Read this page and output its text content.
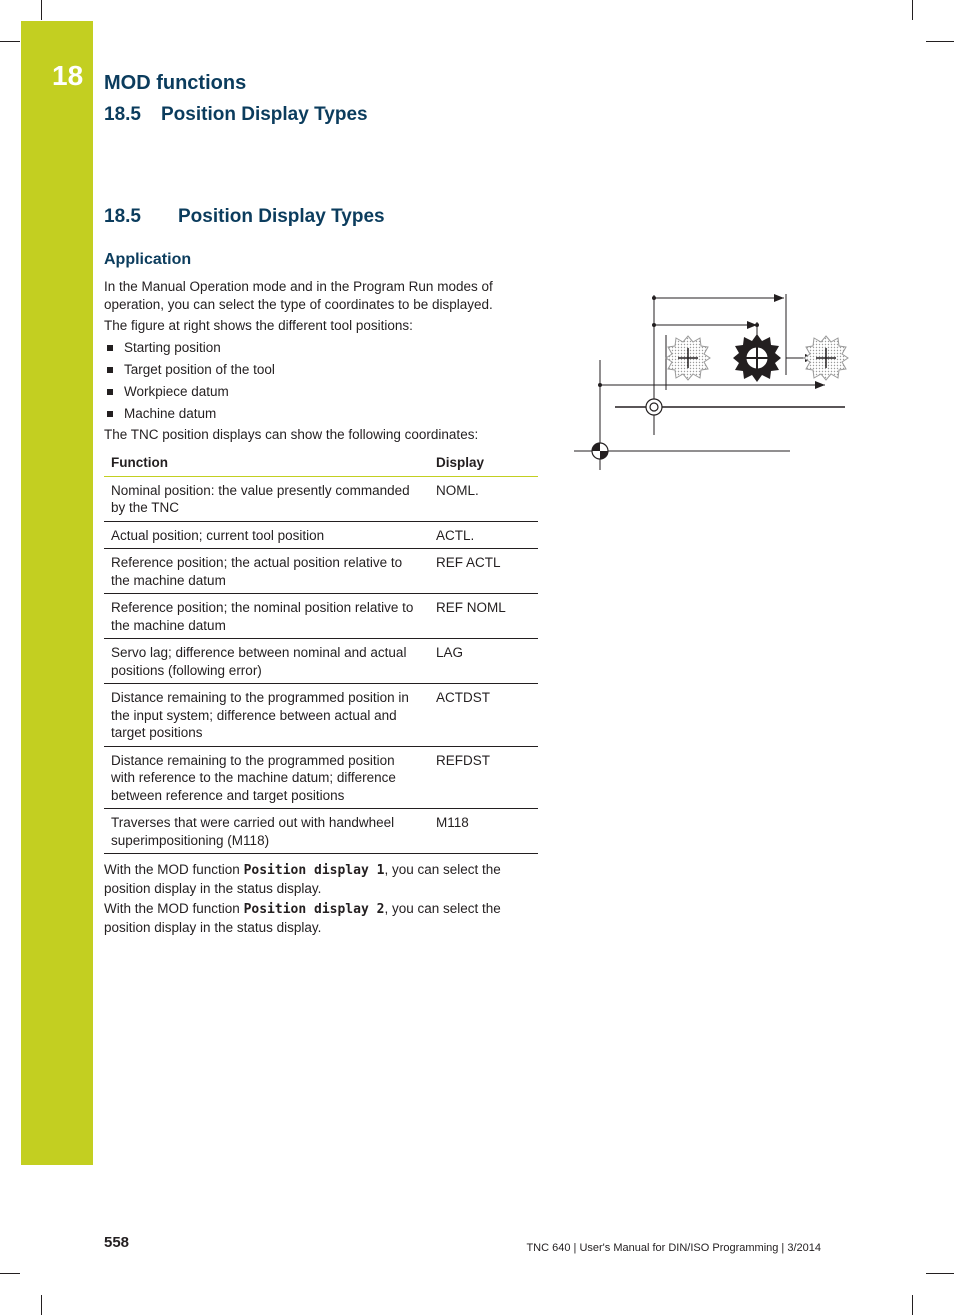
18 MOD functions
18.5 Position Display Types
18.5 Position Display Types
Application

In the Manual Operation mode and in the Program Run modes of operation, you can select the type of coordinates to be displayed.

The figure at right shows the different tool positions:

Starting position
Target position of the tool
Workpiece datum
Machine datum

The TNC position displays can show the following coordinates:

Function	Display
Nominal position: the value presently commanded by the TNC	NOML.
Actual position; current tool position	ACTL.
Reference position; the actual position relative to the machine datum	REF ACTL
Reference position; the nominal position relative to the machine datum	REF NOML
Servo lag; difference between nominal and actual positions (following error)	LAG
Distance remaining to the programmed position in the input system; difference between actual and target positions	ACTDST
Distance remaining to the programmed position with reference to the machine datum; difference between reference and target positions	REFDST
Traverses that were carried out with handwheel superimpositioning (M118)	M118

With the MOD function Position display 1, you can select the position display in the status display.

With the MOD function Position display 2, you can select the position display in the status display.

558	TNC 640 | User's Manual for DIN/ISO Programming | 3/2014
